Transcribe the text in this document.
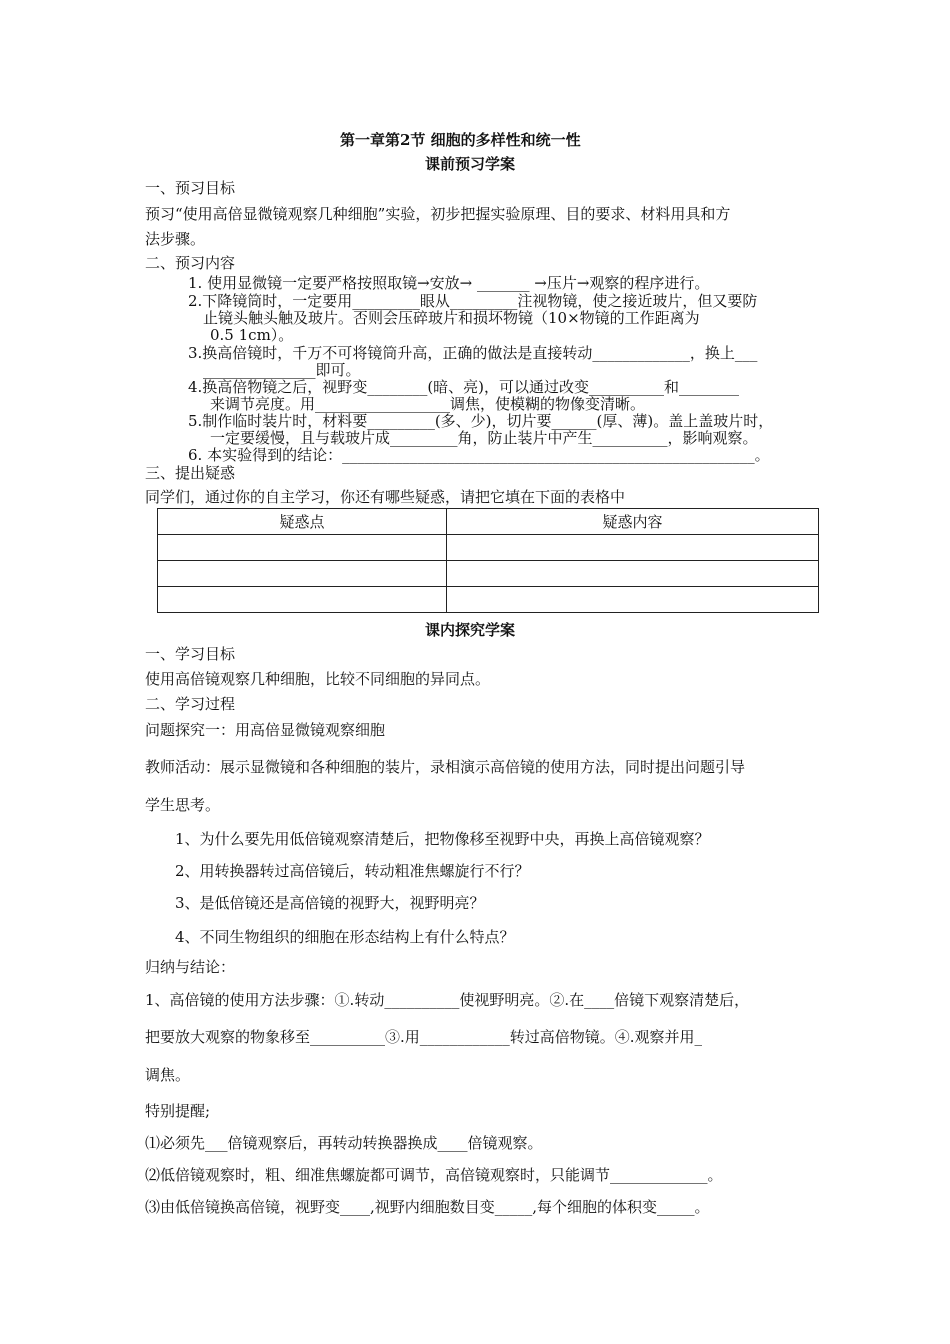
第一章第2节 细胞的多样性和统一性
课前预习学案
一、预习目标
预习“使用高倍显微镜观察几种细胞”实验，初步把握实验原理、目的要求、材料用具和方
法步骤。
二、预习内容
1. 使用显微镜一定要严格按照取镜→安放→ _______ →压片→观察的程序进行。
2.下降镜筒时，一定要用_________眼从_________注视物镜，使之接近玻片，但又要防
止镜头触头触及玻片。否则会压碎玻片和损坏物镜（10×物镜的工作距离为
0.5 1cm）。
3.换高倍镜时，千万不可将镜筒升高，正确的做法是直接转动_____________，换上___
_______________即可。
4.换高倍物镜之后，视野变________(暗、亮)，可以通过改变__________和________
来调节亮度。用__________________调焦，使模糊的物像变清晰。
5.制作临时装片时，材料要_________(多、少)，切片要______(厚、薄)。盖上盖玻片时，
一定要缓慢，且与载玻片成_________角，防止装片中产生__________，影响观察。
6. 本实验得到的结论：_______________________________________________________。
三、提出疑惑
同学们，通过你的自主学习，你还有哪些疑惑，请把它填在下面的表格中
疑惑点	疑惑内容

课内探究学案
一、学习目标
使用高倍镜观察几种细胞，比较不同细胞的异同点。
二、学习过程
问题探究一：用高倍显微镜观察细胞
教师活动：展示显微镜和各种细胞的装片，录相演示高倍镜的使用方法，同时提出问题引导
学生思考。
1、为什么要先用低倍镜观察清楚后，把物像移至视野中央，再换上高倍镜观察？
2、用转换器转过高倍镜后，转动粗准焦螺旋行不行？
3、是低倍镜还是高倍镜的视野大，视野明亮？
4、不同生物组织的细胞在形态结构上有什么特点？
归纳与结论：
1、高倍镜的使用方法步骤：①.转动__________使视野明亮。②.在____倍镜下观察清楚后，
把要放大观察的物象移至__________③.用____________转过高倍物镜。④.观察并用_
调焦。
特别提醒;
⑴必须先___倍镜观察后，再转动转换器换成____倍镜观察。
⑵低倍镜观察时，粗、细准焦螺旋都可调节，高倍镜观察时，只能调节_____________。
⑶由低倍镜换高倍镜，视野变____,视野内细胞数目变_____,每个细胞的体积变_____。
